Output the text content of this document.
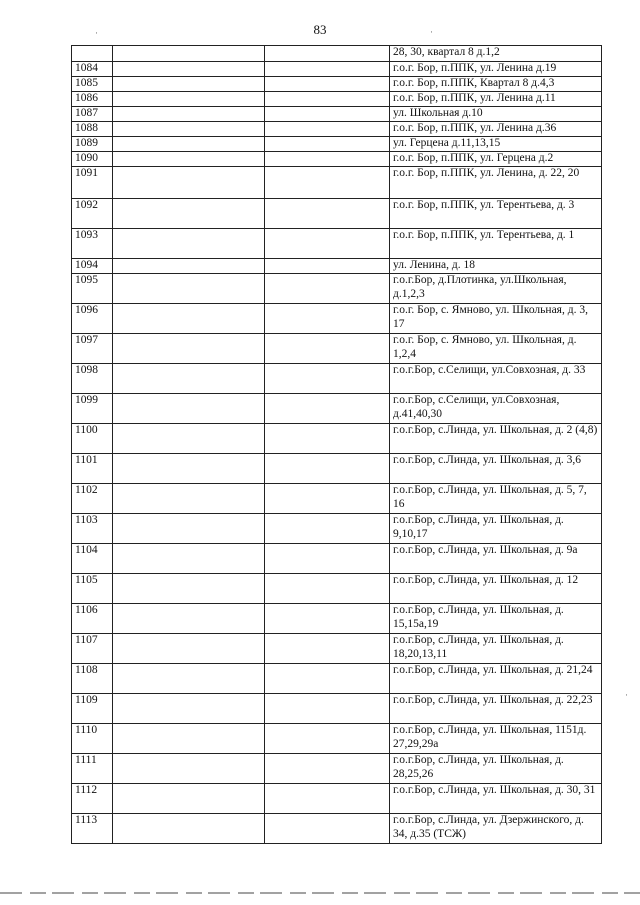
83
·	·
·
			28, 30, квартал 8 д.1,2
1084			г.о.г. Бор, п.ППК, ул. Ленина д.19
1085			г.о.г. Бор, п.ППК, Квартал 8 д.4,3
1086			г.о.г. Бор, п.ППК, ул. Ленина д.11
1087			ул. Школьная д.10
1088			г.о.г. Бор, п.ППК, ул. Ленина д.36
1089			ул. Герцена д.11,13,15
1090			г.о.г. Бор, п.ППК, ул. Герцена д.2
1091			г.о.г. Бор, п.ППК, ул. Ленина, д. 22, 20
1092			г.о.г. Бор, п.ППК, ул. Терентьева, д. 3
1093			г.о.г. Бор, п.ППК, ул. Терентьева, д. 1
1094			ул. Ленина, д. 18
1095			г.о.г.Бор, д.Плотинка, ул.Школьная, д.1,2,3
1096			г.о.г. Бор, с. Ямново, ул. Школьная, д. 3, 17
1097			г.о.г. Бор, с. Ямново, ул. Школьная, д. 1,2,4
1098			г.о.г.Бор, с.Селищи, ул.Совхозная, д. 33
1099			г.о.г.Бор, с.Селищи, ул.Совхозная, д.41,40,30
1100			г.о.г.Бор, с.Линда, ул. Школьная, д. 2 (4,8)
1101			г.о.г.Бор, с.Линда, ул. Школьная, д. 3,6
1102			г.о.г.Бор, с.Линда, ул. Школьная, д. 5, 7, 16
1103			г.о.г.Бор, с.Линда, ул. Школьная, д. 9,10,17
1104			г.о.г.Бор, с.Линда, ул. Школьная, д. 9а
1105			г.о.г.Бор, с.Линда, ул. Школьная, д. 12
1106			г.о.г.Бор, с.Линда, ул. Школьная, д. 15,15а,19
1107			г.о.г.Бор, с.Линда, ул. Школьная, д. 18,20,13,11
1108			г.о.г.Бор, с.Линда, ул. Школьная, д. 21,24
1109			г.о.г.Бор, с.Линда, ул. Школьная, д. 22,23
1110			г.о.г.Бор, с.Линда, ул. Школьная, 1151д. 27,29,29а
1111			г.о.г.Бор, с.Линда, ул. Школьная, д. 28,25,26
1112			г.о.г.Бор, с.Линда, ул. Школьная, д. 30, 31
1113			г.о.г.Бор, с.Линда, ул. Дзержинского, д. 34, д.35 (ТСЖ)
